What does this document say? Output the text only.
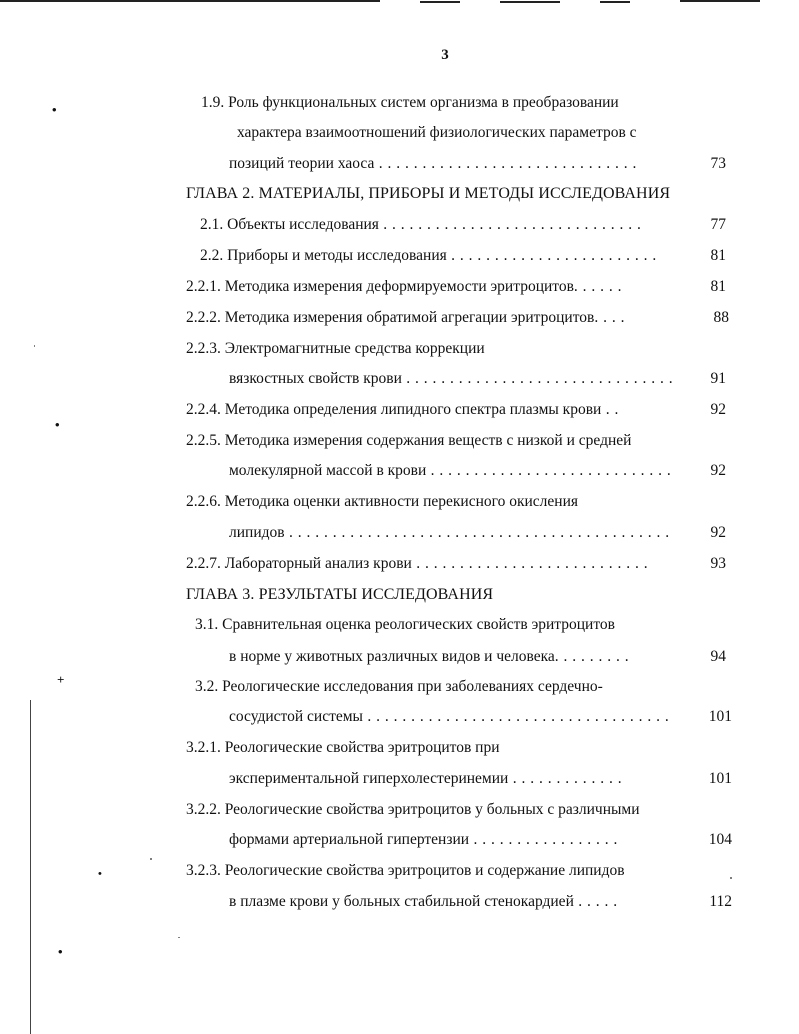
3
1.9. Роль функциональных систем организма в преобразовании
характера взаимоотношений физиологических параметров с
позиций теории хаоса . . . . . . . . . . . . . . . . . . . . . . . . . . . . . .	73
ГЛАВА 2. МАТЕРИАЛЫ, ПРИБОРЫ И МЕТОДЫ ИССЛЕДОВАНИЯ
2.1. Объекты исследования . . . . . . . . . . . . . . . . . . . . . . . . . . . . . .	77
2.2. Приборы и методы исследования . . . . . . . . . . . . . . . . . . . . . . . .	81
2.2.1. Методика измерения деформируемости эритроцитов. . . . . .	81
2.2.2. Методика измерения обратимой агрегации эритроцитов. . . .	88
2.2.3. Электромагнитные средства коррекции
вязкостных свойств крови . . . . . . . . . . . . . . . . . . . . . . . . . . . . . . .	91
2.2.4. Методика определения липидного спектра плазмы крови . .	92
2.2.5. Методика измерения содержания веществ с низкой и средней
молекулярной массой в крови . . . . . . . . . . . . . . . . . . . . . . . . . . . .	92
2.2.6. Методика оценки активности перекисного окисления
липидов . . . . . . . . . . . . . . . . . . . . . . . . . . . . . . . . . . . . . . . . . . . .	92
2.2.7. Лабораторный анализ крови . . . . . . . . . . . . . . . . . . . . . . . . . . .	93
ГЛАВА 3. РЕЗУЛЬТАТЫ ИССЛЕДОВАНИЯ
3.1. Сравнительная оценка реологических свойств эритроцитов
в норме у животных различных видов и человека. . . . . . . . .	94
3.2. Реологические исследования при заболеваниях сердечно-
сосудистой системы . . . . . . . . . . . . . . . . . . . . . . . . . . . . . . . . . . .	101
3.2.1. Реологические свойства эритроцитов при
экспериментальной гиперхолестеринемии . . . . . . . . . . . . .	101
3.2.2. Реологические свойства эритроцитов у больных с различными
формами артериальной гипертензии . . . . . . . . . . . . . . . . .	104
3.2.3. Реологические свойства эритроцитов и содержание липидов
в плазме крови у больных стабильной стенокардией . . . . .	112
•
•
+
•
•
